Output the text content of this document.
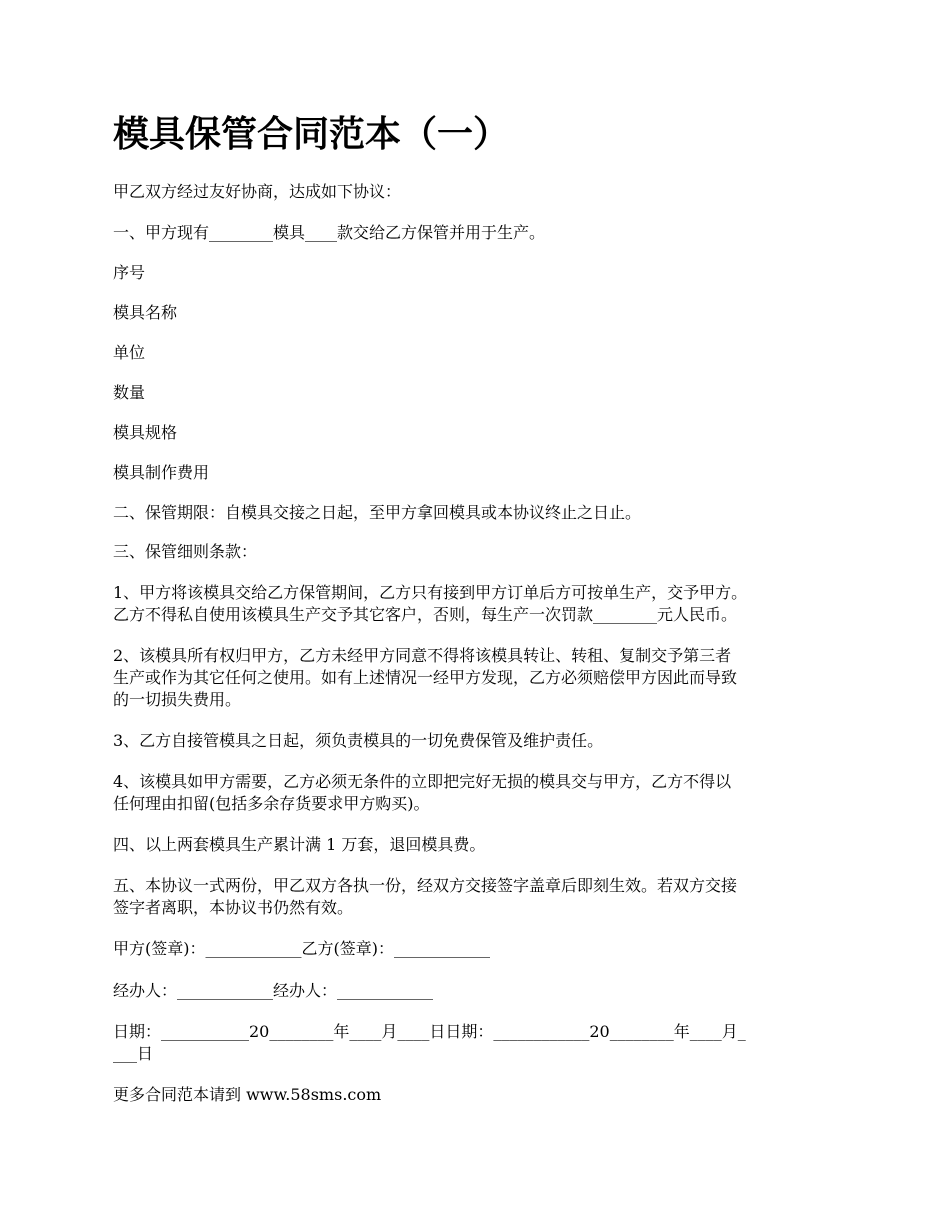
模具保管合同范本（一）

甲乙双方经过友好协商，达成如下协议：

一、甲方现有________模具____款交给乙方保管并用于生产。

序号

模具名称

单位

数量

模具规格

模具制作费用

二、保管期限：自模具交接之日起，至甲方拿回模具或本协议终止之日止。

三、保管细则条款：

1、甲方将该模具交给乙方保管期间，乙方只有接到甲方订单后方可按单生产，交予甲方。

乙方不得私自使用该模具生产交予其它客户，否则，每生产一次罚款________元人民币。

2、该模具所有权归甲方，乙方未经甲方同意不得将该模具转让、转租、复制交予第三者

生产或作为其它任何之使用。如有上述情况一经甲方发现，乙方必须赔偿甲方因此而导致

的一切损失费用。

3、乙方自接管模具之日起，须负责模具的一切免费保管及维护责任。

4、该模具如甲方需要，乙方必须无条件的立即把完好无损的模具交与甲方，乙方不得以

任何理由扣留(包括多余存货要求甲方购买)。

四、以上两套模具生产累计满 1 万套，退回模具费。

五、本协议一式两份，甲乙双方各执一份，经双方交接签字盖章后即刻生效。若双方交接

签字者离职，本协议书仍然有效。

甲方(签章)：____________乙方(签章)：____________

经办人：____________经办人：____________

日期：___________20________年____月____日日期：____________20________年____月_

___日

更多合同范本请到 www.58sms.com
